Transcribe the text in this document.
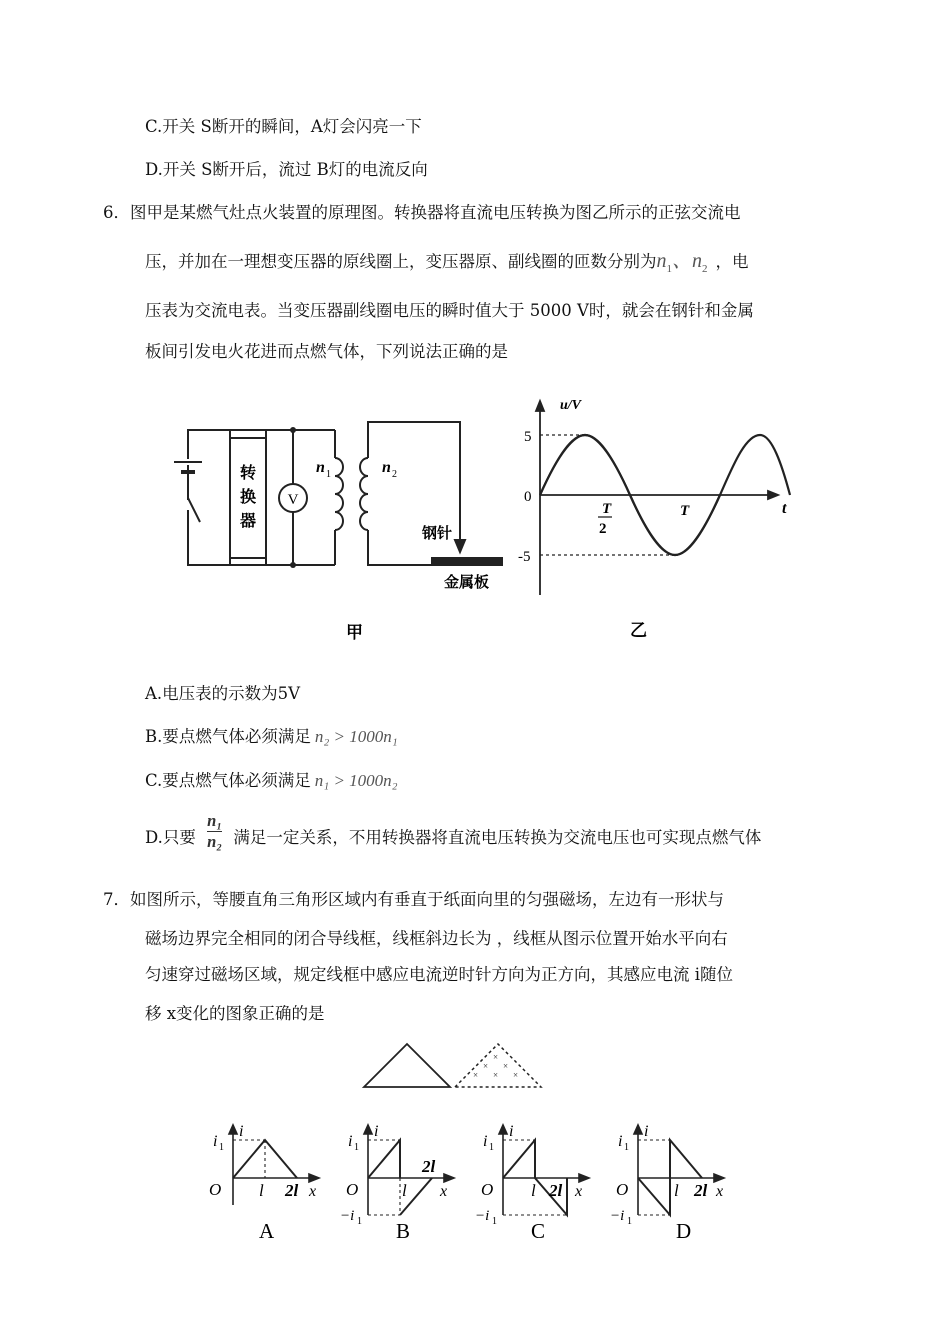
C.开关 S断开的瞬间，A灯会闪亮一下
D.开关 S断开后，流过 B灯的电流反向
6．图甲是某燃气灶点火装置的原理图。转换器将直流电压转换为图乙所示的正弦交流电
压，并加在一理想变压器的原线圈上，变压器原、副线圈的匝数分别为$n_1$、$n_2$ ，电
压表为交流电表。当变压器副线圈电压的瞬时值大于 5000 V时，就会在钢针和金属
板间引发电火花进而点燃气体，下列说法正确的是
V
转
换
器
n 1	n 2
钢针
金属板
甲
u/V
t
5
0
-5
T
2
T
乙
A.电压表的示数为5V
B.要点燃气体必须满足 n₂ > 1000n₁
C.要点燃气体必须满足 n₁ > 1000n₂
D.只要 $\frac{\text{n₁}}{\text{n₂}}$ 满足一定关系，不用转换器将直流电压转换为交流电压也可实现点燃气体
7．如图所示，等腰直角三角形区域内有垂直于纸面向里的匀强磁场，左边有一形状与
磁场边界完全相同的闭合导线框，线框斜边长为 ，线框从图示位置开始水平向右
匀速穿过磁场区域，规定线框中感应电流逆时针方向为正方向，其感应电流 i随位
移 x变化的图象正确的是
×
× ×
× × ×
i 1
i
O l 2l x
A
i 1
i
O	l
2l
x
−i 1 B
i 1
i
O l 2l x
−i 1 C
i 1
i
O	l 2l x
−i 1 D
